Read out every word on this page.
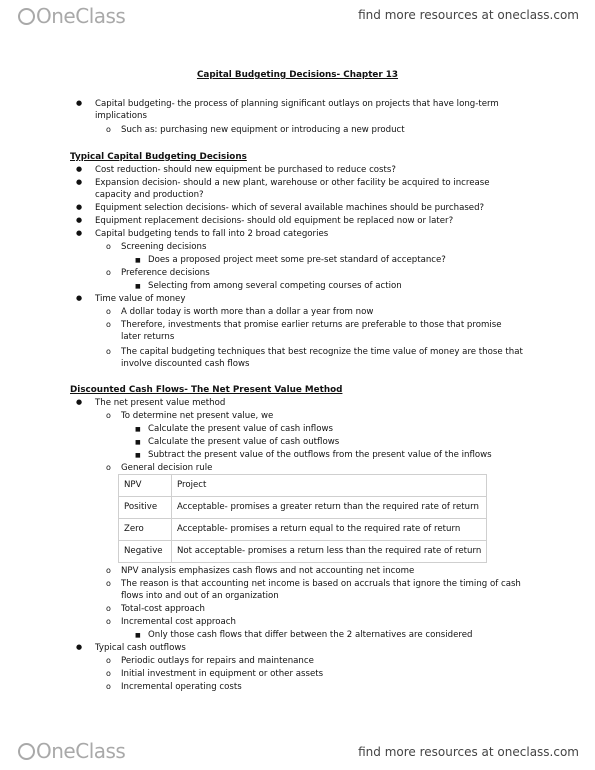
OneClass	find more resources at oneclass.com
Capital Budgeting Decisions- Chapter 13
● Capital budgeting- the process of planning significant outlays on projects that have long-term
implications
o Such as: purchasing new equipment or introducing a new product
Typical Capital Budgeting Decisions
● Cost reduction- should new equipment be purchased to reduce costs?
● Expansion decision- should a new plant, warehouse or other facility be acquired to increase
capacity and production?
● Equipment selection decisions- which of several available machines should be purchased?
● Equipment replacement decisions- should old equipment be replaced now or later?
● Capital budgeting tends to fall into 2 broad categories
o Screening decisions
■ Does a proposed project meet some pre-set standard of acceptance?
o Preference decisions
■ Selecting from among several competing courses of action
● Time value of money
o A dollar today is worth more than a dollar a year from now
o Therefore, investments that promise earlier returns are preferable to those that promise
later returns
o The capital budgeting techniques that best recognize the time value of money are those that
involve discounted cash flows
Discounted Cash Flows- The Net Present Value Method
● The net present value method
o To determine net present value, we
■ Calculate the present value of cash inflows
■ Calculate the present value of cash outflows
■ Subtract the present value of the outflows from the present value of the inflows
o General decision rule
NPV	Project
Positive	Acceptable- promises a greater return than the required rate of return
Zero	Acceptable- promises a return equal to the required rate of return
Negative	Not acceptable- promises a return less than the required rate of return
o NPV analysis emphasizes cash flows and not accounting net income
o The reason is that accounting net income is based on accruals that ignore the timing of cash
flows into and out of an organization
o Total-cost approach
o Incremental cost approach
■ Only those cash flows that differ between the 2 alternatives are considered
● Typical cash outflows
o Periodic outlays for repairs and maintenance
o Initial investment in equipment or other assets
o Incremental operating costs
OneClass	find more resources at oneclass.com
